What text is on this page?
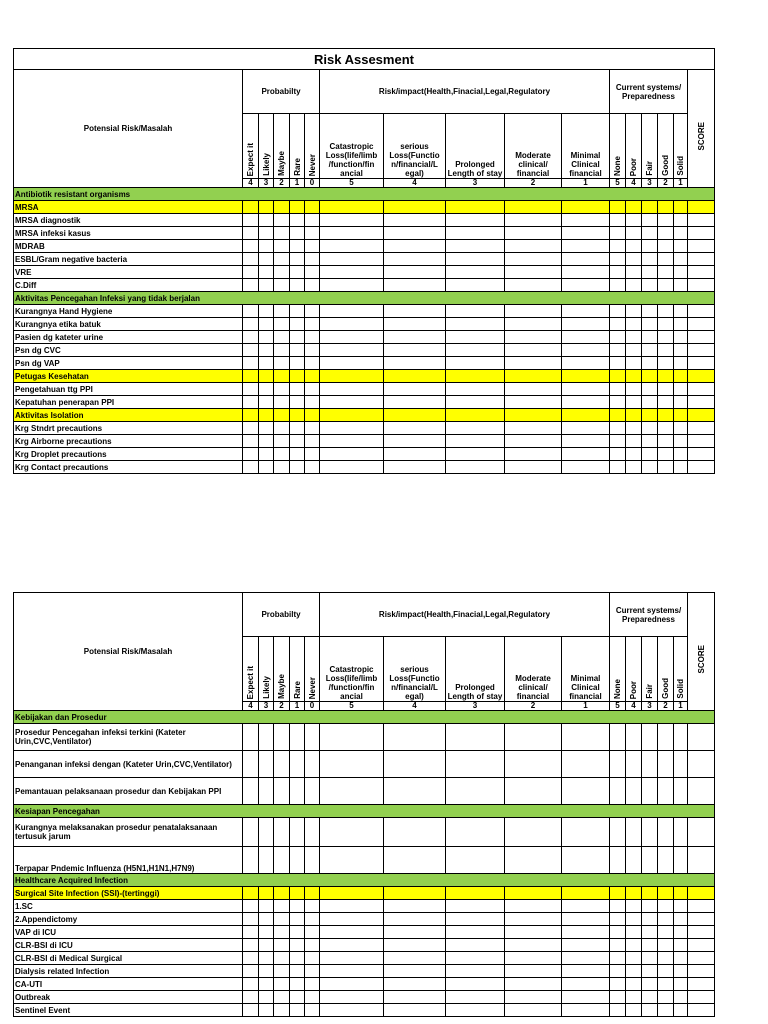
Risk Assesment																
Potensial Risk/Masalah	Probabilty					Risk/impact(Health,Finacial,Legal,Regulatory					Current systems/ Preparedness					SCORE
	Expect it	Likely	Maybe	Rare	Never	Catastropic Loss(life/limb /function/fin ancial	serious Loss(Functio n/financial/L egal)	Prolonged Length of stay	Moderate clinical/ financial	Minimal Clinical financial	None	Poor	Fair	Good	Solid	
	4	3	2	1	0	5	4	3	2	1	5	4	3	2	1	
Antibiotik resistant organisms																
MRSA																
MRSA diagnostik																
MRSA infeksi kasus																
MDRAB																
ESBL/Gram negative bacteria																
VRE																
C.Diff																
Aktivitas Pencegahan Infeksi yang tidak berjalan																
Kurangnya Hand Hygiene																
Kurangnya etika batuk																
Pasien dg kateter urine																
Psn dg CVC																
Psn dg VAP																
Petugas Kesehatan																
Pengetahuan ttg PPI																
Kepatuhan penerapan PPI																
Aktivitas Isolation																
Krg Stndrt precautions																
Krg Airborne precautions																
Krg Droplet precautions																
Krg Contact precautions																
Potensial Risk/Masalah	Probabilty					Risk/impact(Health,Finacial,Legal,Regulatory					Current systems/ Preparedness					SCORE
	Expect it	Likely	Maybe	Rare	Never	Catastropic Loss(life/limb /function/fin ancial	serious Loss(Functio n/financial/L egal)	Prolonged Length of stay	Moderate clinical/ financial	Minimal Clinical financial	None	Poor	Fair	Good	Solid	
	4	3	2	1	0	5	4	3	2	1	5	4	3	2	1	
Kebijakan dan Prosedur																
Prosedur Pencegahan infeksi terkini (Kateter Urin,CVC,Ventilator)																
Penanganan infeksi dengan (Kateter Urin,CVC,Ventilator)																
Pemantauan pelaksanaan prosedur dan Kebijakan PPI																
Kesiapan Pencegahan																
Kurangnya melaksanakan prosedur penatalaksanaan tertusuk jarum																
Terpapar Pndemic Influenza (H5N1,H1N1,H7N9)																
Healthcare Acquired Infection																
Surgical Site Infection (SSI)-(tertinggi)																
1.SC																
2.Appendictomy																
VAP di ICU																
CLR-BSI di ICU																
CLR-BSI di Medical Surgical																
Dialysis related Infection																
CA-UTI																
Outbreak																
Sentinel Event																
